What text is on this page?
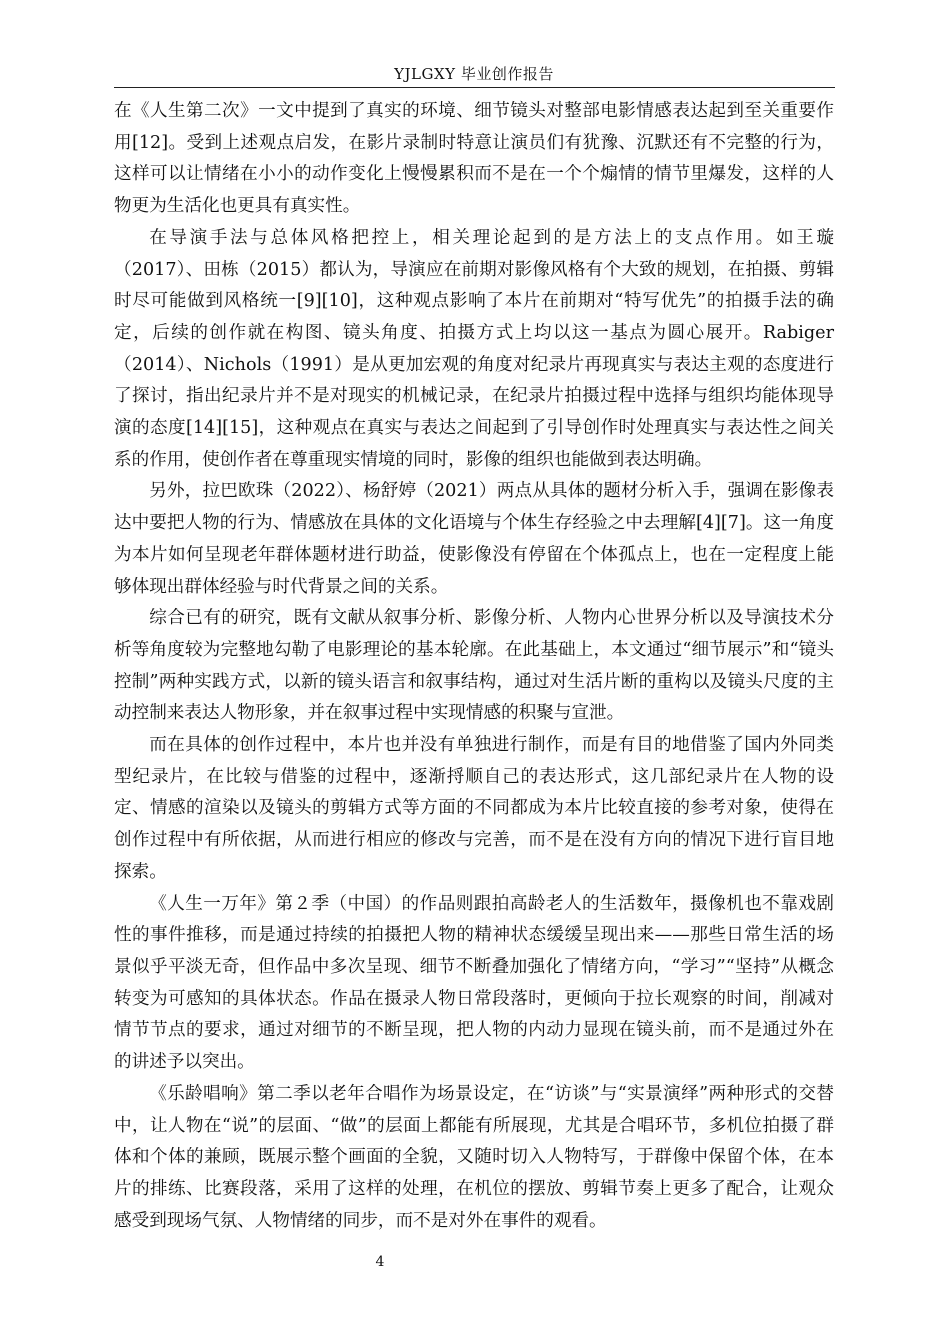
YJLGXY 毕业创作报告

在《人生第二次》一文中提到了真实的环境、细节镜头对整部电影情感表达起到至关重要作用[12]。受到上述观点启发，在影片录制时特意让演员们有犹豫、沉默还有不完整的行为，这样可以让情绪在小小的动作变化上慢慢累积而不是在一个个煽情的情节里爆发，这样的人物更为生活化也更具有真实性。

在导演手法与总体风格把控上，相关理论起到的是方法上的支点作用。如王璇（2017）、田栋（2015）都认为，导演应在前期对影像风格有个大致的规划，在拍摄、剪辑时尽可能做到风格统一[9][10]，这种观点影响了本片在前期对“特写优先”的拍摄手法的确定，后续的创作就在构图、镜头角度、拍摄方式上均以这一基点为圆心展开。Rabiger（2014）、Nichols（1991）是从更加宏观的角度对纪录片再现真实与表达主观的态度进行了探讨，指出纪录片并不是对现实的机械记录，在纪录片拍摄过程中选择与组织均能体现导演的态度[14][15]，这种观点在真实与表达之间起到了引导创作时处理真实与表达性之间关系的作用，使创作者在尊重现实情境的同时，影像的组织也能做到表达明确。

另外，拉巴欧珠（2022）、杨舒婷（2021）两点从具体的题材分析入手，强调在影像表达中要把人物的行为、情感放在具体的文化语境与个体生存经验之中去理解[4][7]。这一角度为本片如何呈现老年群体题材进行助益，使影像没有停留在个体孤点上，也在一定程度上能够体现出群体经验与时代背景之间的关系。

综合已有的研究，既有文献从叙事分析、影像分析、人物内心世界分析以及导演技术分析等角度较为完整地勾勒了电影理论的基本轮廓。在此基础上，本文通过“细节展示”和“镜头控制”两种实践方式，以新的镜头语言和叙事结构，通过对生活片断的重构以及镜头尺度的主动控制来表达人物形象，并在叙事过程中实现情感的积聚与宣泄。

而在具体的创作过程中，本片也并没有单独进行制作，而是有目的地借鉴了国内外同类型纪录片，在比较与借鉴的过程中，逐渐捋顺自己的表达形式，这几部纪录片在人物的设定、情感的渲染以及镜头的剪辑方式等方面的不同都成为本片比较直接的参考对象，使得在创作过程中有所依据，从而进行相应的修改与完善，而不是在没有方向的情况下进行盲目地探索。

《人生一万年》第２季（中国）的作品则跟拍高龄老人的生活数年，摄像机也不靠戏剧性的事件推移，而是通过持续的拍摄把人物的精神状态缓缓呈现出来——那些日常生活的场景似乎平淡无奇，但作品中多次呈现、细节不断叠加强化了情绪方向，“学习”“坚持”从概念转变为可感知的具体状态。作品在摄录人物日常段落时，更倾向于拉长观察的时间，削减对情节节点的要求，通过对细节的不断呈现，把人物的内动力显现在镜头前，而不是通过外在的讲述予以突出。

《乐龄唱响》第二季以老年合唱作为场景设定，在“访谈”与“实景演绎”两种形式的交替中，让人物在“说”的层面、“做”的层面上都能有所展现，尤其是合唱环节，多机位拍摄了群体和个体的兼顾，既展示整个画面的全貌，又随时切入人物特写，于群像中保留个体，在本片的排练、比赛段落，采用了这样的处理，在机位的摆放、剪辑节奏上更多了配合，让观众感受到现场气氛、人物情绪的同步，而不是对外在事件的观看。

4
